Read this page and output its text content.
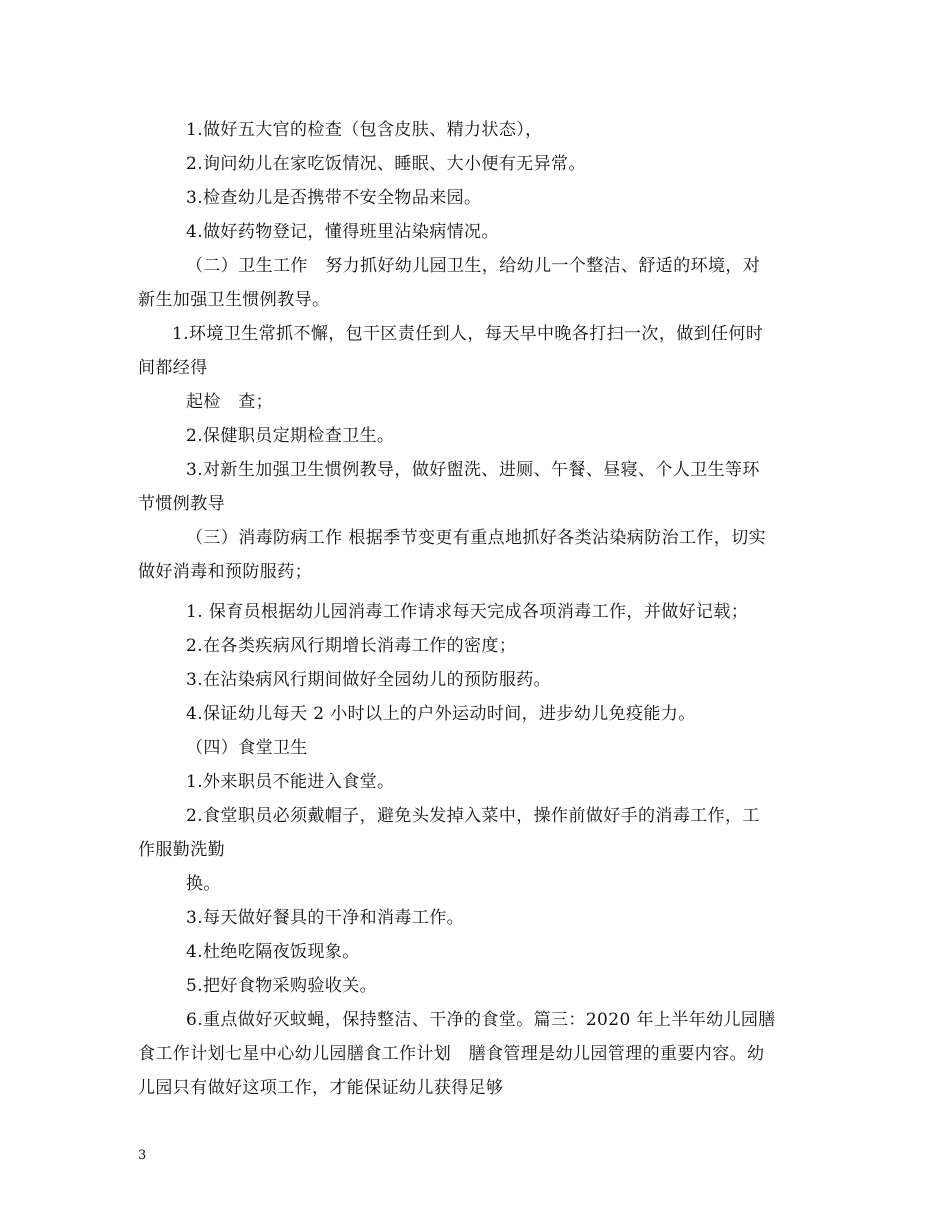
1.做好五大官的检查（包含皮肤、精力状态），
2.询问幼儿在家吃饭情况、睡眠、大小便有无异常。
3.检查幼儿是否携带不安全物品来园。
4.做好药物登记，懂得班里沾染病情况。
（二）卫生工作　努力抓好幼儿园卫生，给幼儿一个整洁、舒适的环境，对
新生加强卫生惯例教导。
1.环境卫生常抓不懈，包干区责任到人，每天早中晚各打扫一次，做到任何时
间都经得
起检　查；
2.保健职员定期检查卫生。
3.对新生加强卫生惯例教导，做好盥洗、进厕、午餐、昼寝、个人卫生等环
节惯例教导
（三）消毒防病工作 根据季节变更有重点地抓好各类沾染病防治工作，切实
做好消毒和预防服药；
1. 保育员根据幼儿园消毒工作请求每天完成各项消毒工作，并做好记载；
2.在各类疾病风行期增长消毒工作的密度；
3.在沾染病风行期间做好全园幼儿的预防服药。
4.保证幼儿每天 2 小时以上的户外运动时间，进步幼儿免疫能力。
（四）食堂卫生
1.外来职员不能进入食堂。
2.食堂职员必须戴帽子，避免头发掉入菜中，操作前做好手的消毒工作，工
作服勤洗勤
换。
3.每天做好餐具的干净和消毒工作。
4.杜绝吃隔夜饭现象。
5.把好食物采购验收关。
6.重点做好灭蚊蝇，保持整洁、干净的食堂。篇三：2020 年上半年幼儿园膳
食工作计划七星中心幼儿园膳食工作计划　膳食管理是幼儿园管理的重要内容。幼
儿园只有做好这项工作，才能保证幼儿获得足够
3
